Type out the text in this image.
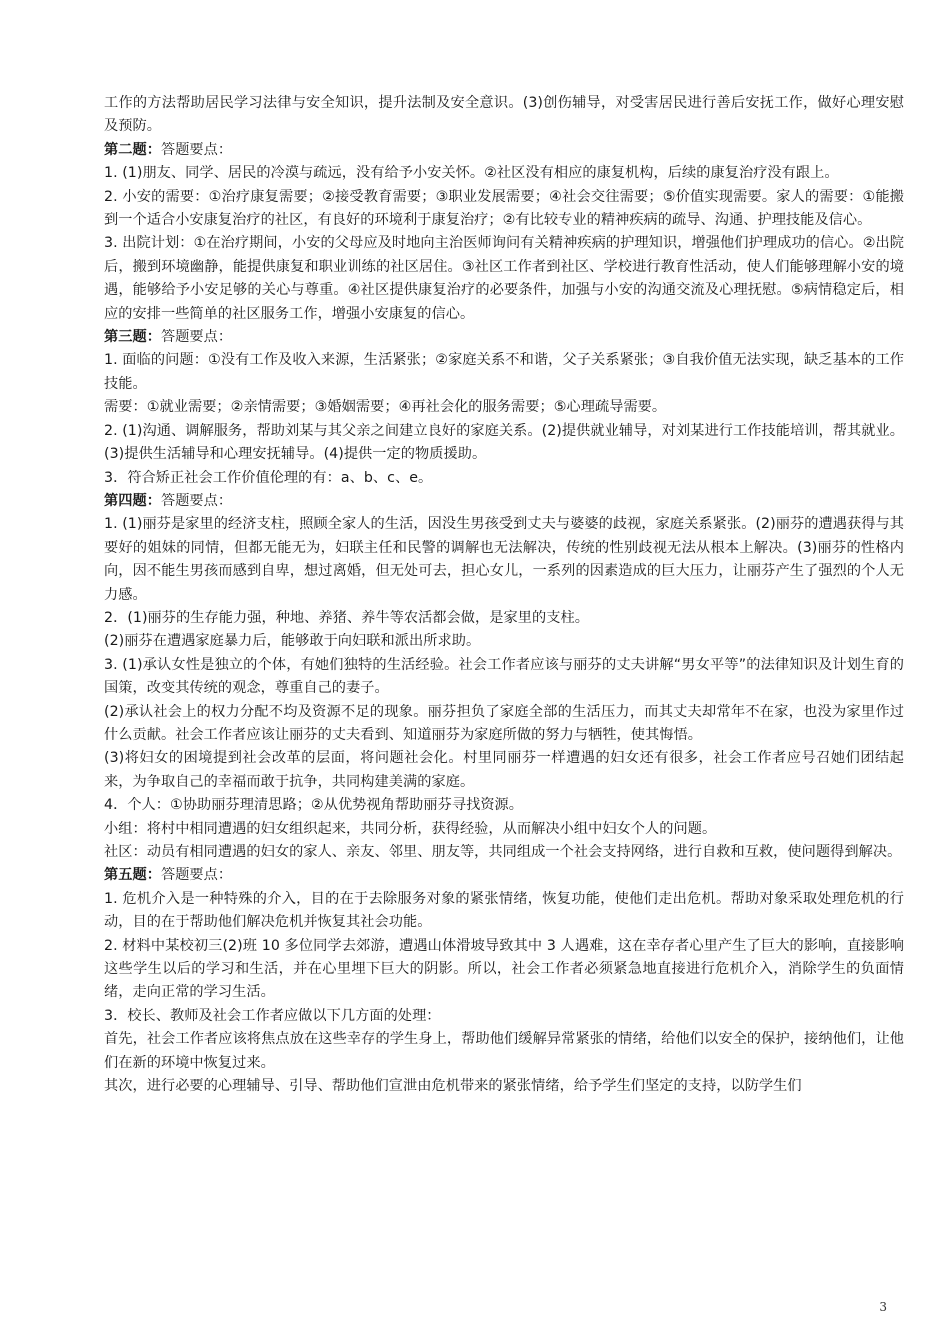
工作的方法帮助居民学习法律与安全知识，提升法制及安全意识。(3)创伤辅导，对受害居民进行善后安抚工作，做好心理安慰及预防。

第二题：答题要点：

1. (1)朋友、同学、居民的冷漠与疏远，没有给予小安关怀。②社区没有相应的康复机构，后续的康复治疗没有跟上。

2. 小安的需要：①治疗康复需要；②接受教育需要；③职业发展需要；④社会交往需要；⑤价值实现需要。家人的需要：①能搬到一个适合小安康复治疗的社区，有良好的环境利于康复治疗；②有比较专业的精神疾病的疏导、沟通、护理技能及信心。

3. 出院计划：①在治疗期间，小安的父母应及时地向主治医师询问有关精神疾病的护理知识，增强他们护理成功的信心。②出院后，搬到环境幽静，能提供康复和职业训练的社区居住。③社区工作者到社区、学校进行教育性活动，使人们能够理解小安的境遇，能够给予小安足够的关心与尊重。④社区提供康复治疗的必要条件，加强与小安的沟通交流及心理抚慰。⑤病情稳定后，相应的安排一些简单的社区服务工作，增强小安康复的信心。

第三题：答题要点：

1. 面临的问题：①没有工作及收入来源，生活紧张；②家庭关系不和谐，父子关系紧张；③自我价值无法实现，缺乏基本的工作技能。

需要：①就业需要；②亲情需要；③婚姻需要；④再社会化的服务需要；⑤心理疏导需要。

2. (1)沟通、调解服务，帮助刘某与其父亲之间建立良好的家庭关系。(2)提供就业辅导，对刘某进行工作技能培训，帮其就业。(3)提供生活辅导和心理安抚辅导。(4)提供一定的物质援助。

3．符合矫正社会工作价值伦理的有：a、b、c、e。

第四题：答题要点：

1. (1)丽芬是家里的经济支柱，照顾全家人的生活，因没生男孩受到丈夫与婆婆的歧视，家庭关系紧张。(2)丽芬的遭遇获得与其要好的姐妹的同情，但都无能无为，妇联主任和民警的调解也无法解决，传统的性别歧视无法从根本上解决。(3)丽芬的性格内向，因不能生男孩而感到自卑，想过离婚，但无处可去，担心女儿，一系列的因素造成的巨大压力，让丽芬产生了强烈的个人无力感。

2．(1)丽芬的生存能力强，种地、养猪、养牛等农活都会做，是家里的支柱。

(2)丽芬在遭遇家庭暴力后，能够敢于向妇联和派出所求助。

3. (1)承认女性是独立的个体，有她们独特的生活经验。社会工作者应该与丽芬的丈夫讲解“男女平等”的法律知识及计划生育的国策，改变其传统的观念，尊重自己的妻子。

(2)承认社会上的权力分配不均及资源不足的现象。丽芬担负了家庭全部的生活压力，而其丈夫却常年不在家，也没为家里作过什么贡献。社会工作者应该让丽芬的丈夫看到、知道丽芬为家庭所做的努力与牺牲，使其悔悟。

(3)将妇女的困境提到社会改革的层面，将问题社会化。村里同丽芬一样遭遇的妇女还有很多，社会工作者应号召她们团结起来，为争取自己的幸福而敢于抗争，共同构建美满的家庭。

4．个人：①协助丽芬理清思路；②从优势视角帮助丽芬寻找资源。

小组：将村中相同遭遇的妇女组织起来，共同分析，获得经验，从而解决小组中妇女个人的问题。

社区：动员有相同遭遇的妇女的家人、亲友、邻里、朋友等，共同组成一个社会支持网络，进行自救和互救，使问题得到解决。

第五题：答题要点：

1. 危机介入是一种特殊的介入，目的在于去除服务对象的紧张情绪，恢复功能，使他们走出危机。帮助对象采取处理危机的行动，目的在于帮助他们解决危机并恢复其社会功能。

2. 材料中某校初三(2)班 10 多位同学去郊游，遭遇山体滑坡导致其中 3 人遇难，这在幸存者心里产生了巨大的影响，直接影响这些学生以后的学习和生活，并在心里埋下巨大的阴影。所以，社会工作者必须紧急地直接进行危机介入，消除学生的负面情绪，走向正常的学习生活。

3．校长、教师及社会工作者应做以下几方面的处理：

首先，社会工作者应该将焦点放在这些幸存的学生身上，帮助他们缓解异常紧张的情绪，给他们以安全的保护，接纳他们，让他们在新的环境中恢复过来。

其次，进行必要的心理辅导、引导、帮助他们宣泄由危机带来的紧张情绪，给予学生们坚定的支持，以防学生们

3
